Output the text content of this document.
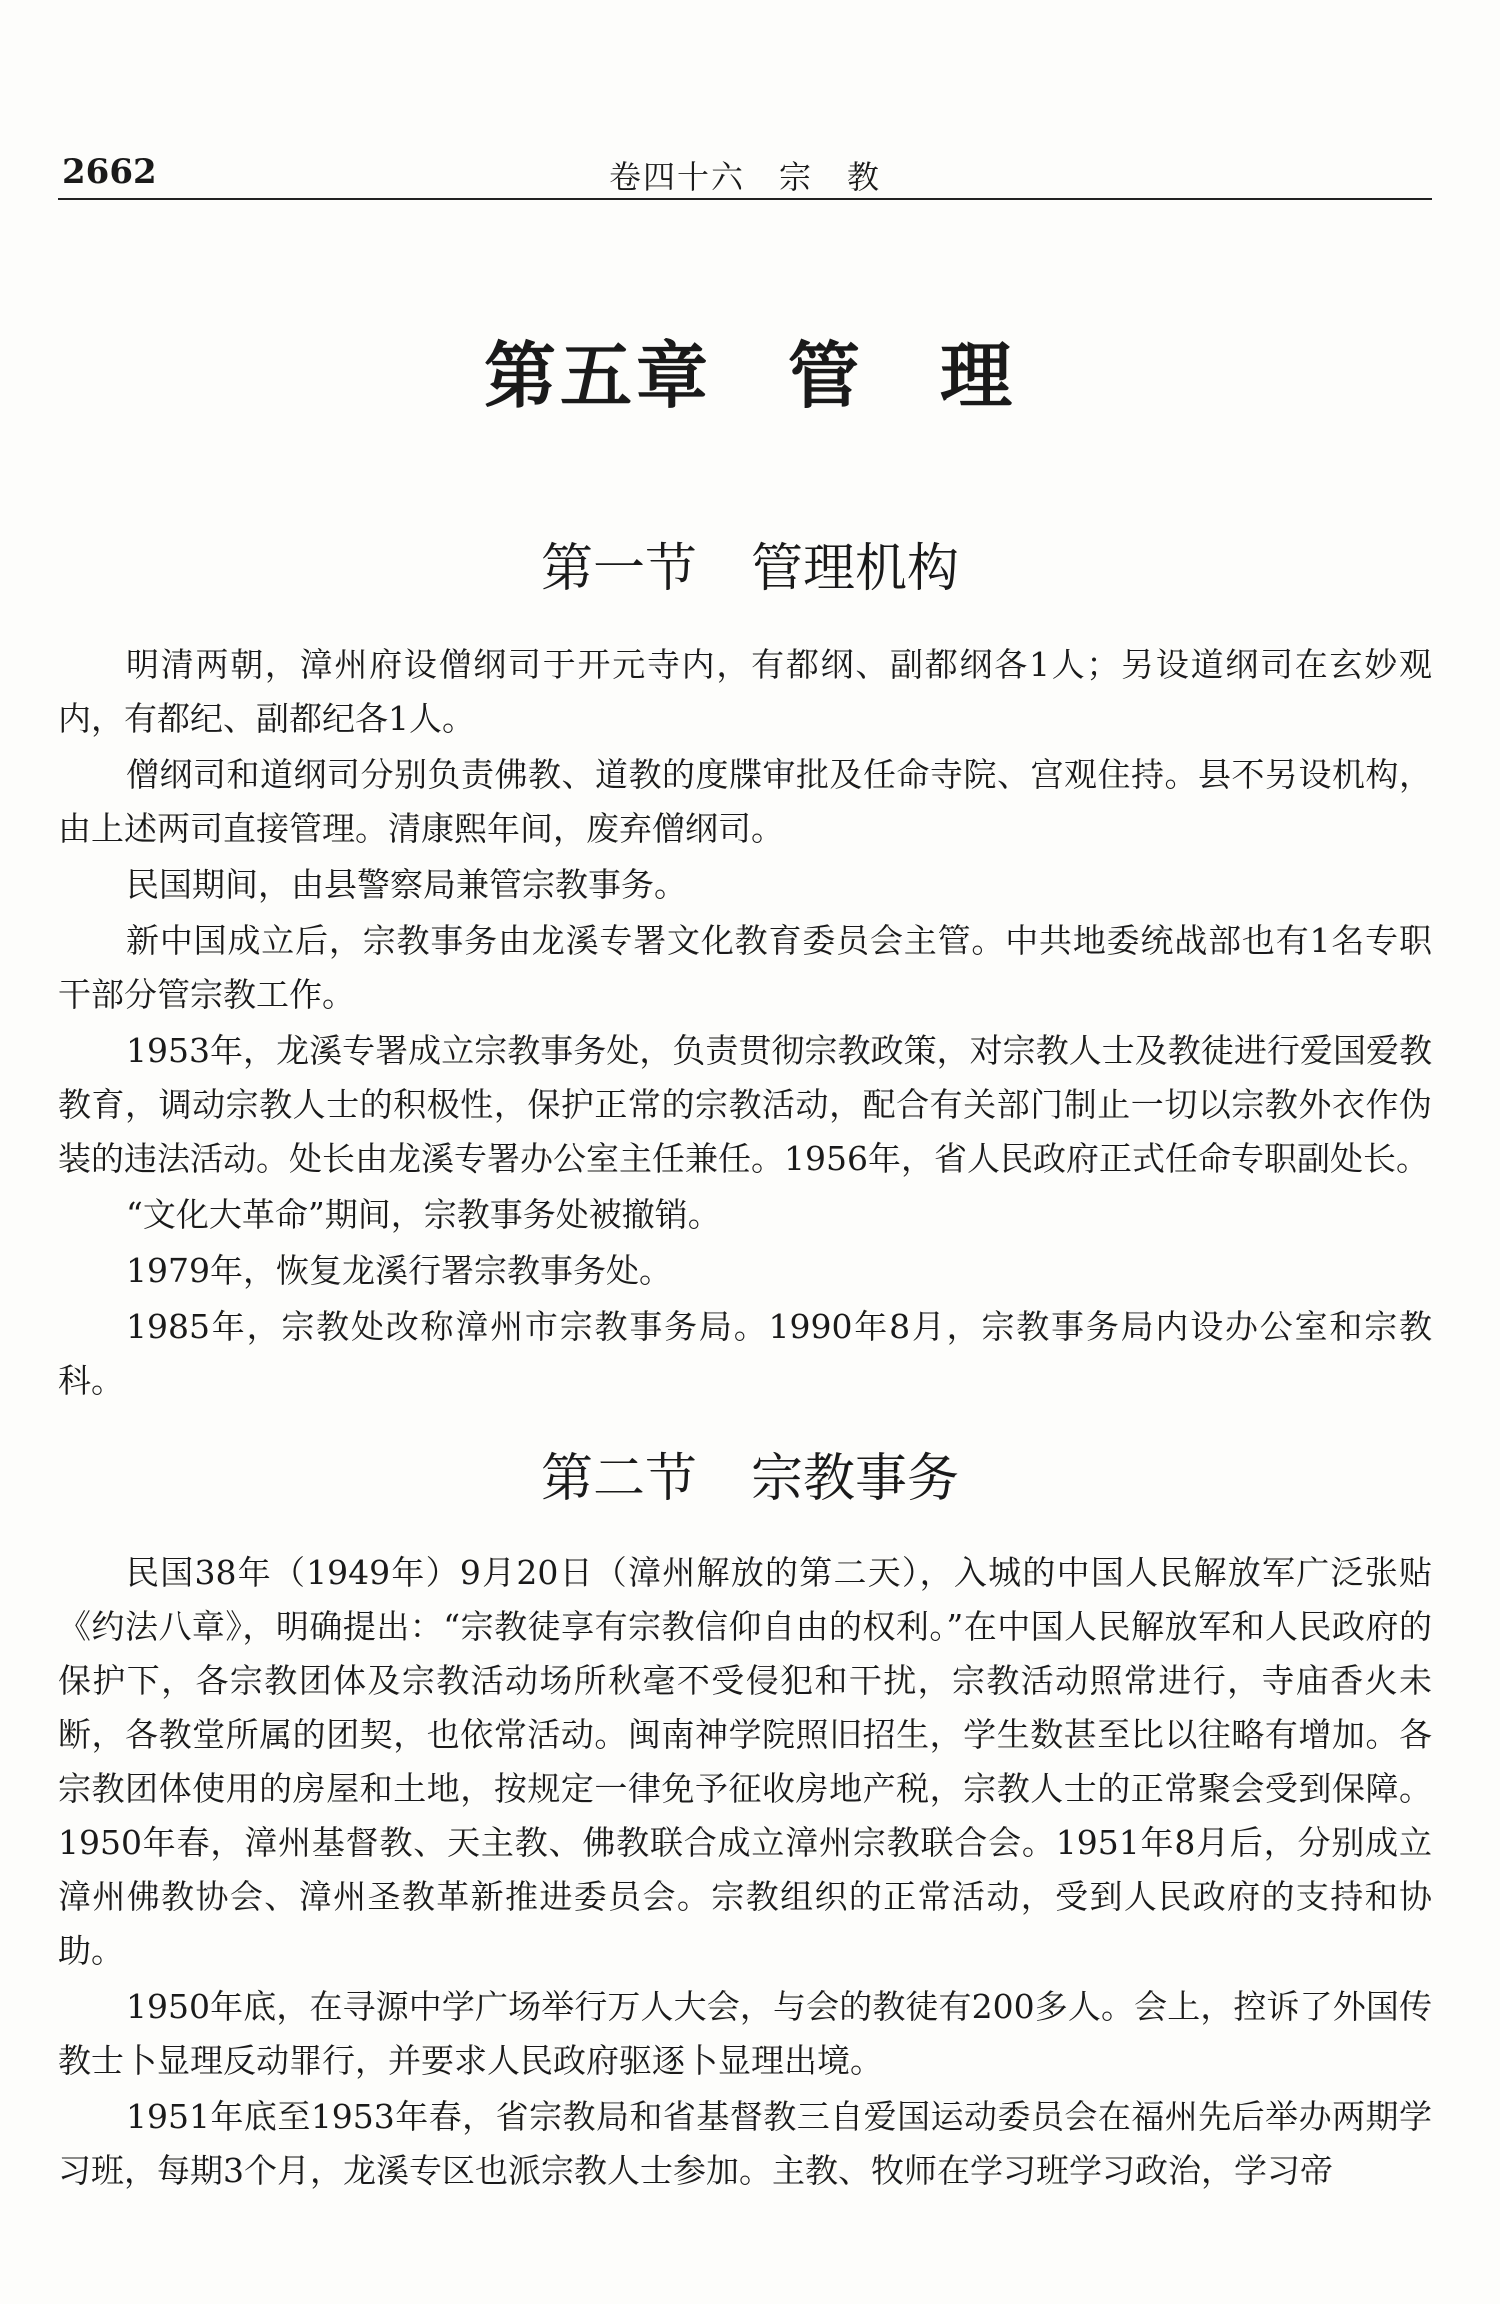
2662	卷四十六　宗　教
第五章　管　理
第一节 管理机构

明清两朝，漳州府设僧纲司于开元寺内，有都纲、副都纲各1人；另设道纲司在玄妙观内，有都纪、副都纪各1人。

僧纲司和道纲司分别负责佛教、道教的度牒审批及任命寺院、宫观住持。县不另设机构，由上述两司直接管理。清康熙年间，废弃僧纲司。

民国期间，由县警察局兼管宗教事务。

新中国成立后，宗教事务由龙溪专署文化教育委员会主管。中共地委统战部也有1名专职干部分管宗教工作。

1953年，龙溪专署成立宗教事务处，负责贯彻宗教政策，对宗教人士及教徒进行爱国爱教教育，调动宗教人士的积极性，保护正常的宗教活动，配合有关部门制止一切以宗教外衣作伪装的违法活动。处长由龙溪专署办公室主任兼任。1956年，省人民政府正式任命专职副处长。

“文化大革命”期间，宗教事务处被撤销。

1979年，恢复龙溪行署宗教事务处。

1985年，宗教处改称漳州市宗教事务局。1990年8月，宗教事务局内设办公室和宗教科。

第二节 宗教事务

民国38年（1949年）9月20日（漳州解放的第二天），入城的中国人民解放军广泛张贴《约法八章》，明确提出：“宗教徒享有宗教信仰自由的权利。”在中国人民解放军和人民政府的保护下，各宗教团体及宗教活动场所秋毫不受侵犯和干扰，宗教活动照常进行，寺庙香火未断，各教堂所属的团契，也依常活动。闽南神学院照旧招生，学生数甚至比以往略有增加。各宗教团体使用的房屋和土地，按规定一律免予征收房地产税，宗教人士的正常聚会受到保障。1950年春，漳州基督教、天主教、佛教联合成立漳州宗教联合会。1951年8月后，分别成立漳州佛教协会、漳州圣教革新推进委员会。宗教组织的正常活动，受到人民政府的支持和协助。

1950年底，在寻源中学广场举行万人大会，与会的教徒有200多人。会上，控诉了外国传教士卜显理反动罪行，并要求人民政府驱逐卜显理出境。

1951年底至1953年春，省宗教局和省基督教三自爱国运动委员会在福州先后举办两期学习班，每期3个月，龙溪专区也派宗教人士参加。主教、牧师在学习班学习政治，学习帝
